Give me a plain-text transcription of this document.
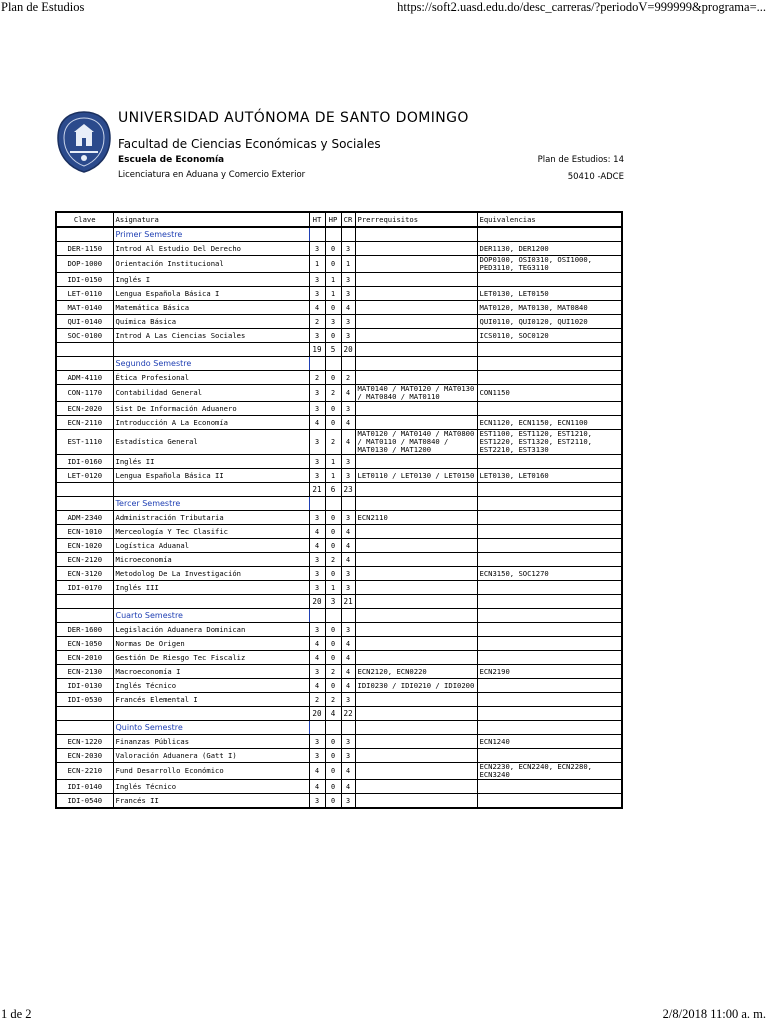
Plan de Estudios	https://soft2.uasd.edu.do/desc_carreras/?periodoV=999999&programa=...
UNIVERSIDAD AUTÓNOMA DE SANTO DOMINGO
Facultad de Ciencias Económicas y Sociales
Escuela de Economía
Licenciatura en Aduana y Comercio Exterior
Plan de Estudios: 14
50410 -ADCE
Clave	Asignatura	HT	HP	CR	Prerrequisitos	Equivalencias
	Primer Semestre					
DER-1150	Introd Al Estudio Del Derecho	3	0	3		DER1130, DER1200
DOP-1000	Orientación Institucional	1	0	1		DOP0100, OSI0310, OSI1000, PED3110, TEG3110
IDI-0150	Inglés I	3	1	3		
LET-0110	Lengua Española Básica I	3	1	3		LET0130, LET0150
MAT-0140	Matemática Básica	4	0	4		MAT0120, MAT0130, MAT0840
QUI-0140	Química Básica	2	3	3		QUI0110, QUI0120, QUI1020
SOC-0100	Introd A Las Ciencias Sociales	3	0	3		ICS0110, SOC0120
		19	5	20		
	Segundo Semestre					
ADM-4110	Ética Profesional	2	0	2		
CON-1170	Contabilidad General	3	2	4	MAT0140 / MAT0120 / MAT0130 / MAT0840 / MAT0110	CON1150
ECN-2020	Sist De Información Aduanero	3	0	3		
ECN-2110	Introducción A La Economía	4	0	4		ECN1120, ECN1150, ECN1100
EST-1110	Estadística General	3	2	4	MAT0120 / MAT0140 / MAT0800 / MAT0110 / MAT0840 / MAT0130 / MAT1200	EST1100, EST1120, EST1210, EST1220, EST1320, EST2110, EST2210, EST3130
IDI-0160	Inglés II	3	1	3		
LET-0120	Lengua Española Básica II	3	1	3	LET0110 / LET0130 / LET0150	LET0130, LET0160
		21	6	23		
	Tercer Semestre					
ADM-2340	Administración Tributaria	3	0	3	ECN2110	
ECN-1010	Merceología Y Tec Clasific	4	0	4		
ECN-1020	Logística Aduanal	4	0	4		
ECN-2120	Microeconomía	3	2	4		
ECN-3120	Metodolog De La Investigación	3	0	3		ECN3150, SOC1270
IDI-0170	Inglés III	3	1	3		
		20	3	21		
	Cuarto Semestre					
DER-1600	Legislación Aduanera Dominican	3	0	3		
ECN-1050	Normas De Origen	4	0	4		
ECN-2010	Gestión De Riesgo Tec Fiscaliz	4	0	4		
ECN-2130	Macroeconomía I	3	2	4	ECN2120, ECN0220	ECN2190
IDI-0130	Inglés Técnico	4	0	4	IDI0230 / IDI0210 / IDI0200	
IDI-0530	Francés Elemental I	2	2	3		
		20	4	22		
	Quinto Semestre					
ECN-1220	Finanzas Públicas	3	0	3		ECN1240
ECN-2030	Valoración Aduanera (Gatt I)	3	0	3		
ECN-2210	Fund Desarrollo Económico	4	0	4		ECN2230, ECN2240, ECN2280, ECN3240
IDI-0140	Inglés Técnico	4	0	4		
IDI-0540	Francés II	3	0	3		
1 de 2	2/8/2018 11:00 a. m.
